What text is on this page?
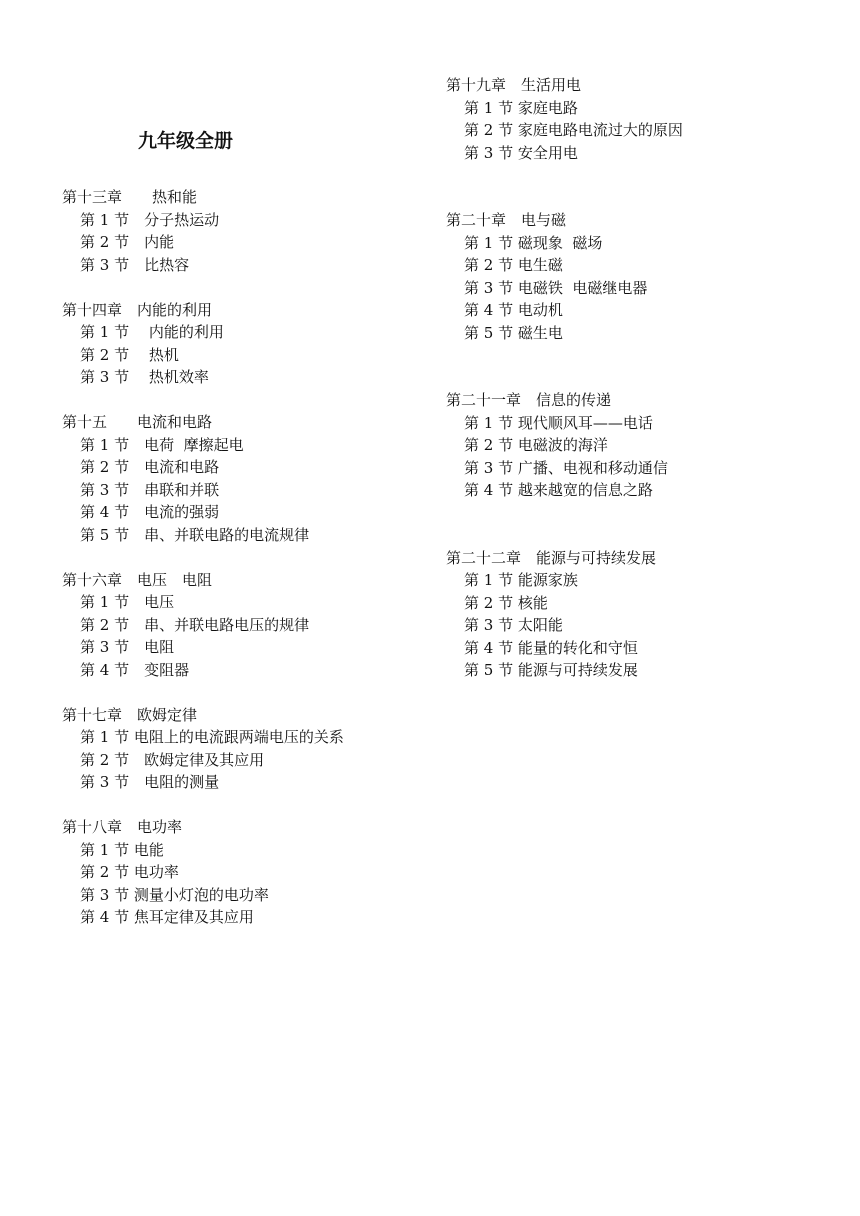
九年级全册
第十三章　　热和能
第 1 节　分子热运动
第 2 节　内能
第 3 节　比热容
第十四章　内能的利用
第 1 节　 内能的利用
第 2 节　 热机
第 3 节　 热机效率
第十五　　电流和电路
第 1 节　电荷  摩擦起电
第 2 节　电流和电路
第 3 节　串联和并联
第 4 节　电流的强弱
第 5 节　串、并联电路的电流规律
第十六章　电压　电阻
第 1 节　电压
第 2 节　串、并联电路电压的规律
第 3 节　电阻
第 4 节　变阻器
第十七章　欧姆定律
第 1 节 电阻上的电流跟两端电压的关系
第 2 节　欧姆定律及其应用
第 3 节　电阻的测量
第十八章　电功率
第 1 节 电能
第 2 节 电功率
第 3 节 测量小灯泡的电功率
第 4 节 焦耳定律及其应用
第十九章　生活用电
第 1 节 家庭电路
第 2 节 家庭电路电流过大的原因
第 3 节 安全用电
第二十章　电与磁
第 1 节 磁现象  磁场
第 2 节 电生磁
第 3 节 电磁铁  电磁继电器
第 4 节 电动机
第 5 节 磁生电
第二十一章　信息的传递
第 1 节 现代顺风耳——电话
第 2 节 电磁波的海洋
第 3 节 广播、电视和移动通信
第 4 节 越来越宽的信息之路
第二十二章　能源与可持续发展
第 1 节 能源家族
第 2 节 核能
第 3 节 太阳能
第 4 节 能量的转化和守恒
第 5 节 能源与可持续发展
